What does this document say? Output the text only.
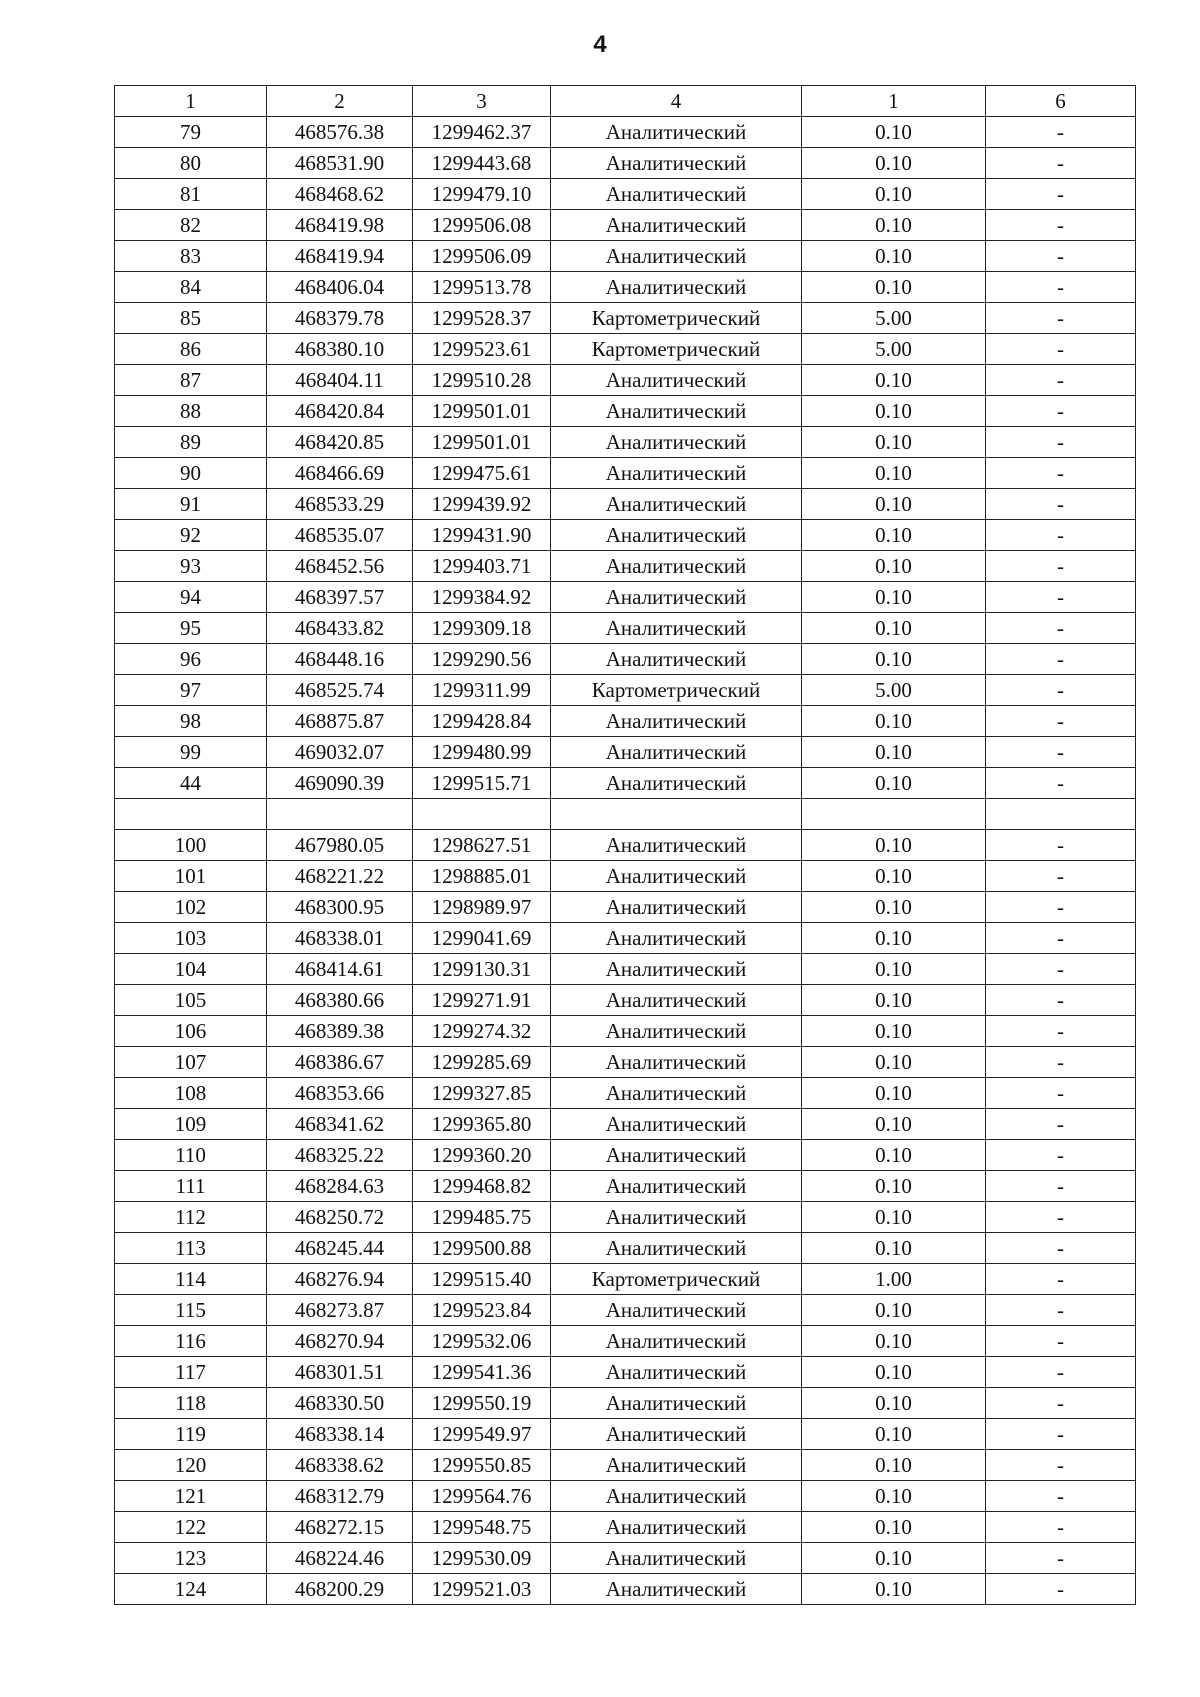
4
1	2	3	4	1	6
79	468576.38	1299462.37	Аналитический	0.10	-
80	468531.90	1299443.68	Аналитический	0.10	-
81	468468.62	1299479.10	Аналитический	0.10	-
82	468419.98	1299506.08	Аналитический	0.10	-
83	468419.94	1299506.09	Аналитический	0.10	-
84	468406.04	1299513.78	Аналитический	0.10	-
85	468379.78	1299528.37	Картометрический	5.00	-
86	468380.10	1299523.61	Картометрический	5.00	-
87	468404.11	1299510.28	Аналитический	0.10	-
88	468420.84	1299501.01	Аналитический	0.10	-
89	468420.85	1299501.01	Аналитический	0.10	-
90	468466.69	1299475.61	Аналитический	0.10	-
91	468533.29	1299439.92	Аналитический	0.10	-
92	468535.07	1299431.90	Аналитический	0.10	-
93	468452.56	1299403.71	Аналитический	0.10	-
94	468397.57	1299384.92	Аналитический	0.10	-
95	468433.82	1299309.18	Аналитический	0.10	-
96	468448.16	1299290.56	Аналитический	0.10	-
97	468525.74	1299311.99	Картометрический	5.00	-
98	468875.87	1299428.84	Аналитический	0.10	-
99	469032.07	1299480.99	Аналитический	0.10	-
44	469090.39	1299515.71	Аналитический	0.10	-

100	467980.05	1298627.51	Аналитический	0.10	-
101	468221.22	1298885.01	Аналитический	0.10	-
102	468300.95	1298989.97	Аналитический	0.10	-
103	468338.01	1299041.69	Аналитический	0.10	-
104	468414.61	1299130.31	Аналитический	0.10	-
105	468380.66	1299271.91	Аналитический	0.10	-
106	468389.38	1299274.32	Аналитический	0.10	-
107	468386.67	1299285.69	Аналитический	0.10	-
108	468353.66	1299327.85	Аналитический	0.10	-
109	468341.62	1299365.80	Аналитический	0.10	-
110	468325.22	1299360.20	Аналитический	0.10	-
111	468284.63	1299468.82	Аналитический	0.10	-
112	468250.72	1299485.75	Аналитический	0.10	-
113	468245.44	1299500.88	Аналитический	0.10	-
114	468276.94	1299515.40	Картометрический	1.00	-
115	468273.87	1299523.84	Аналитический	0.10	-
116	468270.94	1299532.06	Аналитический	0.10	-
117	468301.51	1299541.36	Аналитический	0.10	-
118	468330.50	1299550.19	Аналитический	0.10	-
119	468338.14	1299549.97	Аналитический	0.10	-
120	468338.62	1299550.85	Аналитический	0.10	-
121	468312.79	1299564.76	Аналитический	0.10	-
122	468272.15	1299548.75	Аналитический	0.10	-
123	468224.46	1299530.09	Аналитический	0.10	-
124	468200.29	1299521.03	Аналитический	0.10	-
